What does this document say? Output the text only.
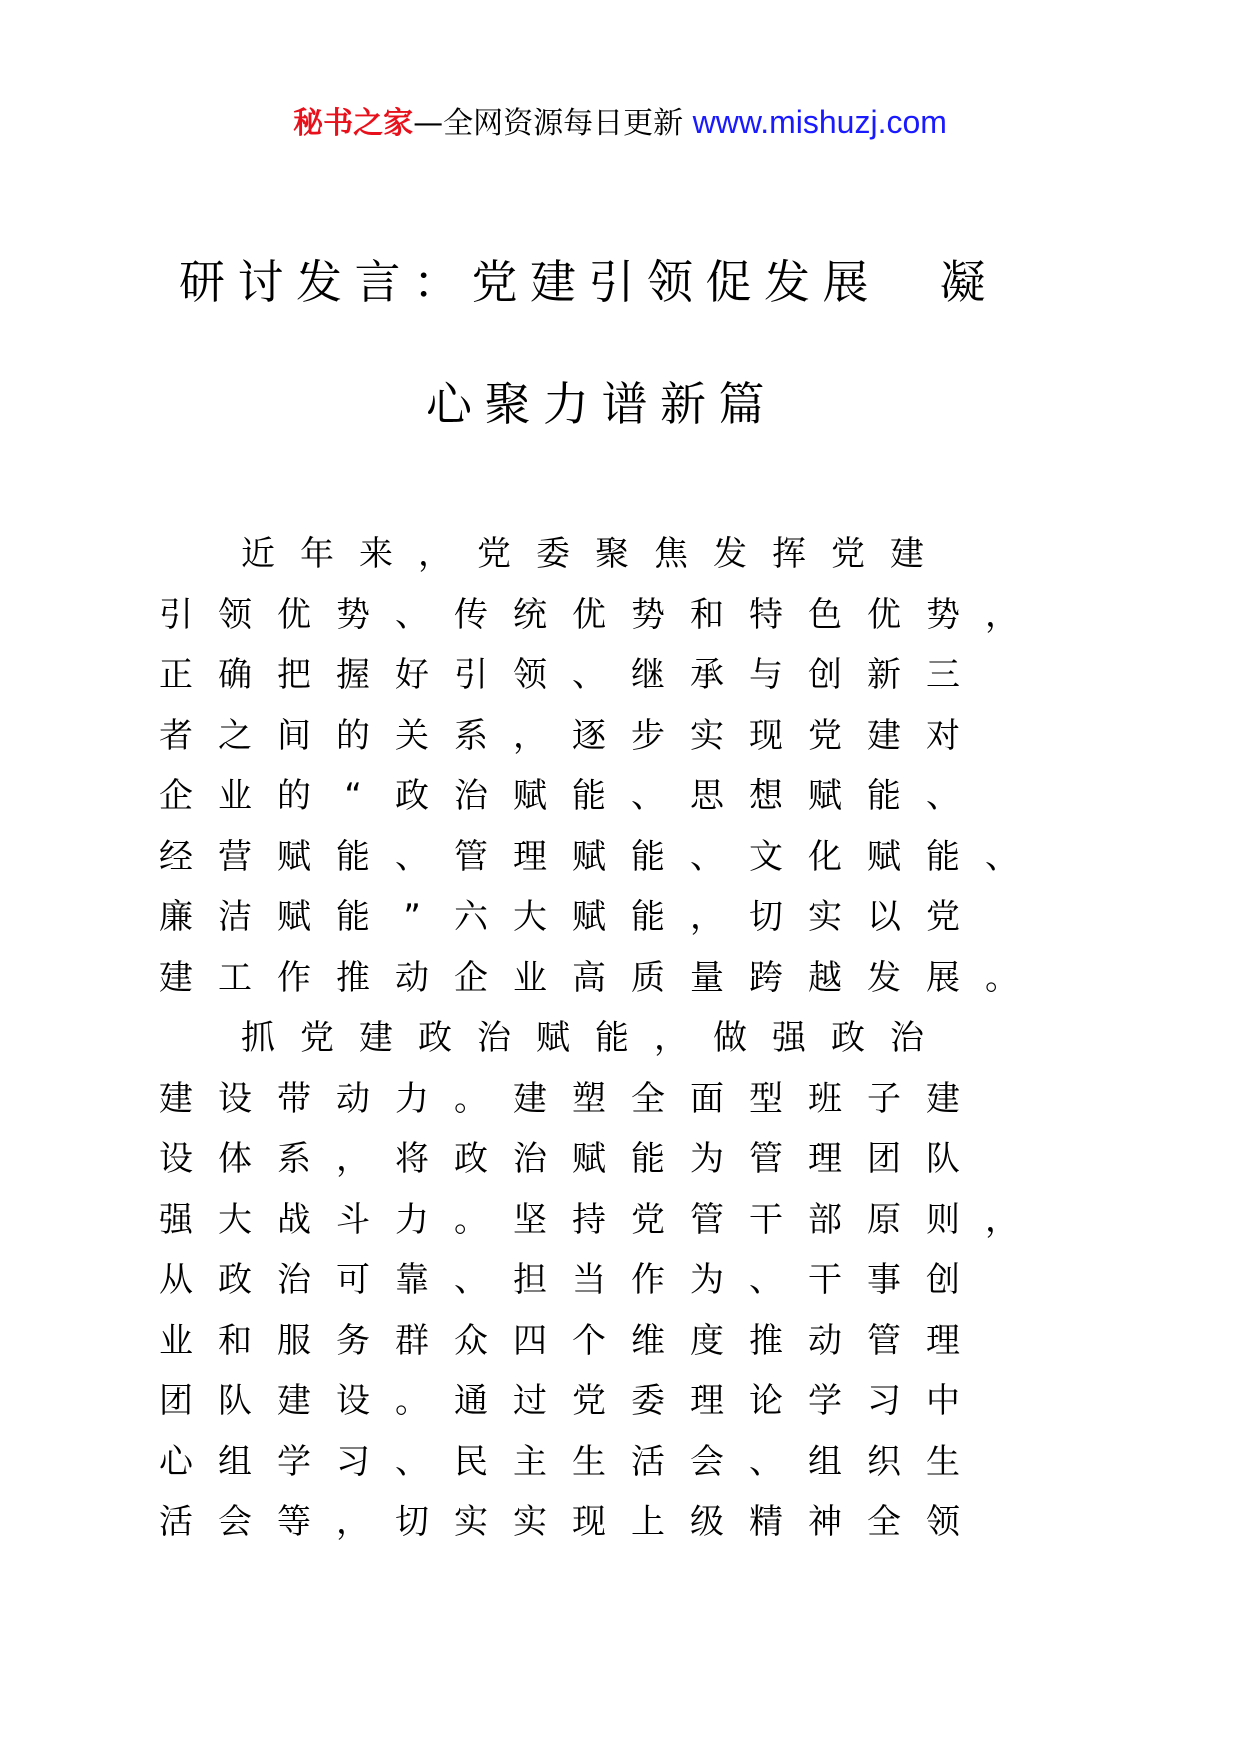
秘书之家—全网资源每日更新 www.mishuzj.com
研 讨 发 言 ： 党 建 引 领 促 发 展 凝
心 聚 力 谱 新 篇
近 年 来 ， 党 委 聚 焦 发 挥 党 建
引 领 优 势 、 传 统 优 势 和 特 色 优 势 ，
正 确 把 握 好 引 领 、 继 承 与 创 新 三
者 之 间 的 关 系 ， 逐 步 实 现 党 建 对
企 业 的 “ 政 治 赋 能 、 思 想 赋 能 、
经 营 赋 能 、 管 理 赋 能 、 文 化 赋 能 、
廉 洁 赋 能 ” 六 大 赋 能 ， 切 实 以 党
建 工 作 推 动 企 业 高 质 量 跨 越 发 展 。
抓 党 建 政 治 赋 能 ， 做 强 政 治
建 设 带 动 力 。 建 塑 全 面 型 班 子 建
设 体 系 ， 将 政 治 赋 能 为 管 理 团 队
强 大 战 斗 力 。 坚 持 党 管 干 部 原 则 ，
从 政 治 可 靠 、 担 当 作 为 、 干 事 创
业 和 服 务 群 众 四 个 维 度 推 动 管 理
团 队 建 设 。 通 过 党 委 理 论 学 习 中
心 组 学 习 、 民 主 生 活 会 、 组 织 生
活 会 等 ， 切 实 实 现 上 级 精 神 全 领
